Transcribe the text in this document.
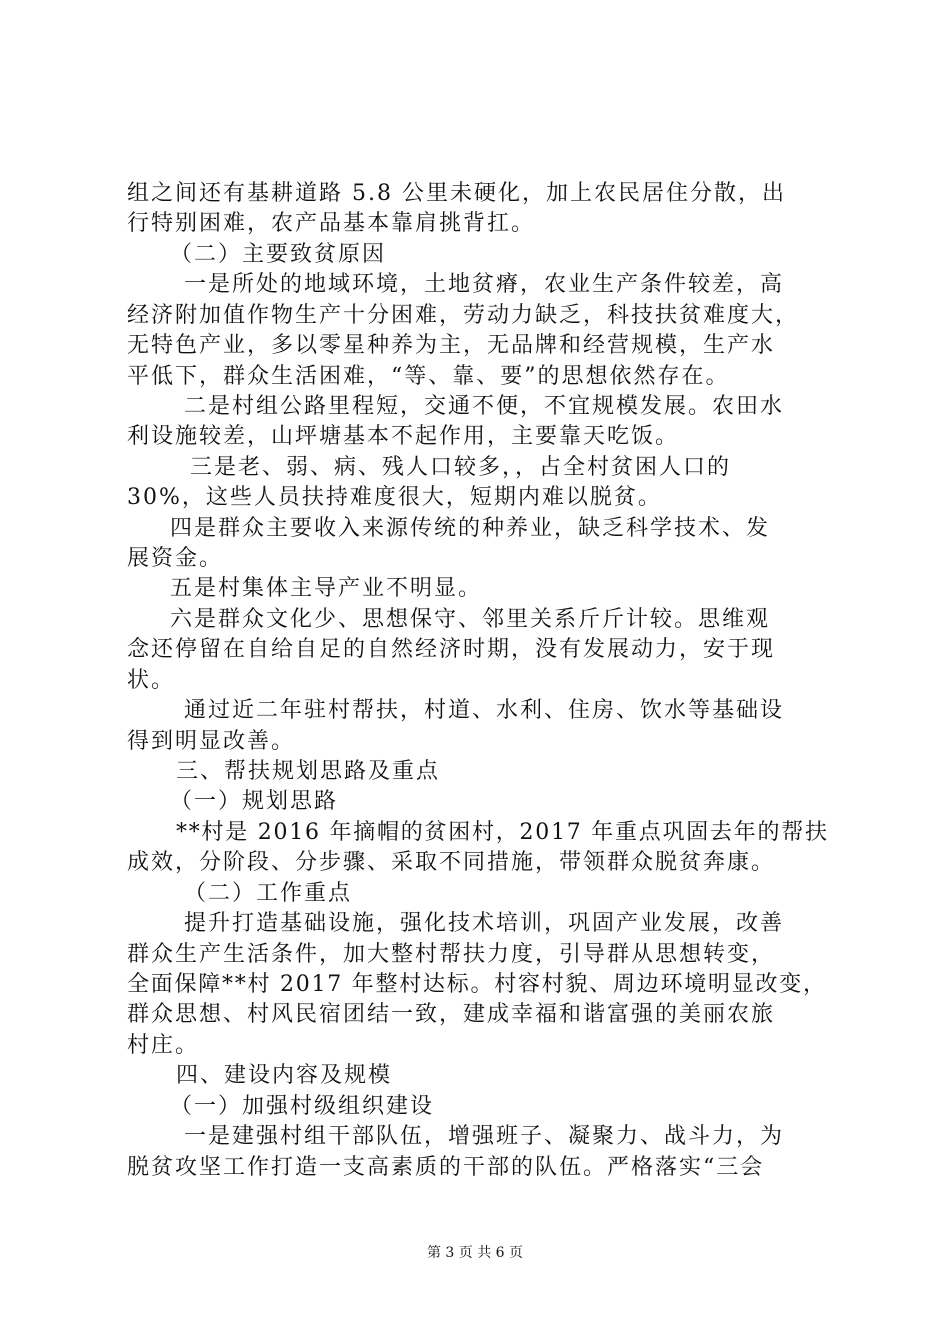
组之间还有基耕道路 5.8 公里未硬化，加上农民居住分散，出
行特别困难，农产品基本靠肩挑背扛。
（二）主要致贫原因
一是所处的地域环境，土地贫瘠，农业生产条件较差，高
经济附加值作物生产十分困难，劳动力缺乏，科技扶贫难度大，
无特色产业，多以零星种养为主，无品牌和经营规模，生产水
平低下，群众生活困难，“等、靠、要”的思想依然存在。
二是村组公路里程短，交通不便，不宜规模发展。农田水
利设施较差，山坪塘基本不起作用，主要靠天吃饭。
三是老、弱、病、残人口较多，，占全村贫困人口的
30%，这些人员扶持难度很大，短期内难以脱贫。
四是群众主要收入来源传统的种养业，缺乏科学技术、发
展资金。
五是村集体主导产业不明显。
六是群众文化少、思想保守、邻里关系斤斤计较。思维观
念还停留在自给自足的自然经济时期，没有发展动力，安于现
状。
通过近二年驻村帮扶，村道、水利、住房、饮水等基础设
得到明显改善。
三、帮扶规划思路及重点
（一）规划思路
**村是 2016 年摘帽的贫困村，2017 年重点巩固去年的帮扶
成效，分阶段、分步骤、采取不同措施，带领群众脱贫奔康。
（二）工作重点
提升打造基础设施，强化技术培训，巩固产业发展，改善
群众生产生活条件，加大整村帮扶力度，引导群从思想转变，
全面保障**村 2017 年整村达标。村容村貌、周边环境明显改变，
群众思想、村风民宿团结一致，建成幸福和谐富强的美丽农旅
村庄。
四、建设内容及规模
（一）加强村级组织建设
一是建强村组干部队伍，增强班子、凝聚力、战斗力，为
脱贫攻坚工作打造一支高素质的干部的队伍。严格落实“三会
第 3 页 共 6 页
